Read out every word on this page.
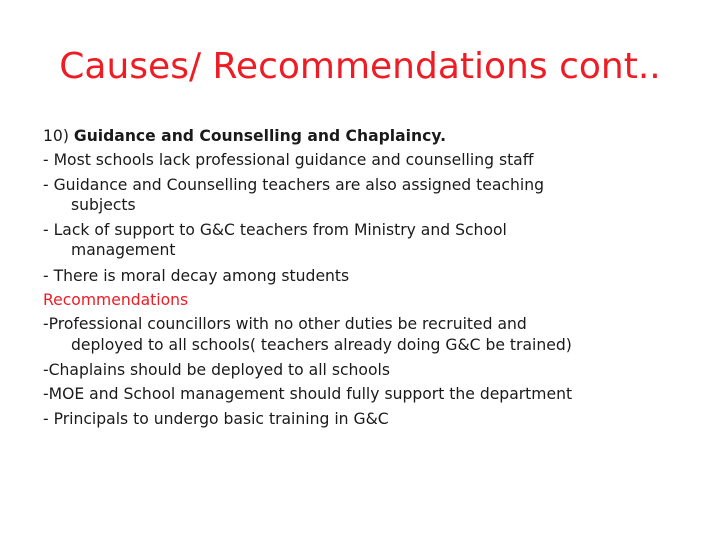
Causes/ Recommendations cont..
10) Guidance and Counselling and Chaplaincy.
- Most schools lack professional guidance and counselling staff
- Guidance and Counselling teachers are also assigned teaching
subjects
- Lack of support to G&C teachers from Ministry and School
management
- There is moral decay among students
Recommendations
-Professional councillors with no other duties be recruited and
deployed to all schools( teachers already doing G&C be trained)
-Chaplains should be deployed to all schools
-MOE and School management should fully support the department
- Principals to undergo basic training in G&C
